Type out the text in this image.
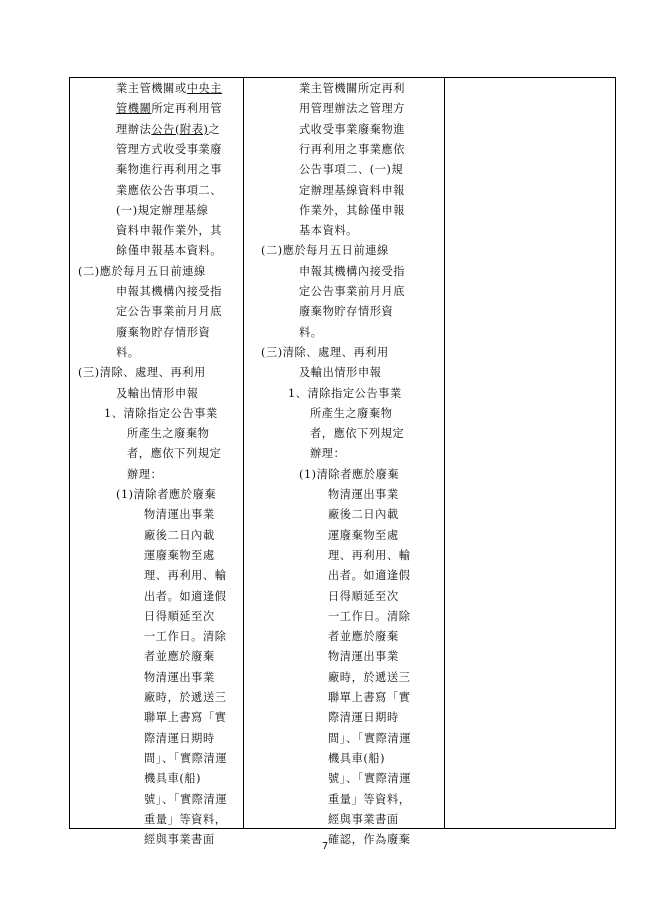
業主管機關或中央主
管機關所定再利用管
理辦法公告(附表)之
管理方式收受事業廢
棄物進行再利用之事
業應依公告事項二、
(一)規定辦理基線
資料申報作業外，其
餘僅申報基本資料。
(二)應於每月五日前連線
申報其機構內接受指
定公告事業前月月底
廢棄物貯存情形資
料。
(三)清除、處理、再利用
及輸出情形申報
1、清除指定公告事業
所產生之廢棄物
者，應依下列規定
辦理：
(1)清除者應於廢棄
物清運出事業
廠後二日內載
運廢棄物至處
理、再利用、輸
出者。如適逢假
日得順延至次
一工作日。清除
者並應於廢棄
物清運出事業
廠時，於遞送三
聯單上書寫「實
際清運日期時
間」、「實際清運
機具車(船)
號」、「實際清運
重量」等資料，
經與事業書面
業主管機關所定再利
用管理辦法之管理方
式收受事業廢棄物進
行再利用之事業應依
公告事項二、(一)規
定辦理基線資料申報
作業外，其餘僅申報
基本資料。
(二)應於每月五日前連線
申報其機構內接受指
定公告事業前月月底
廢棄物貯存情形資
料。
(三)清除、處理、再利用
及輸出情形申報
1、清除指定公告事業
所產生之廢棄物
者，應依下列規定
辦理：
(1)清除者應於廢棄
物清運出事業
廠後二日內載
運廢棄物至處
理、再利用、輸
出者。如適逢假
日得順延至次
一工作日。清除
者並應於廢棄
物清運出事業
廠時，於遞送三
聯單上書寫「實
際清運日期時
間」、「實際清運
機具車(船)
號」、「實際清運
重量」等資料，
經與事業書面
確認，作為廢棄
7
